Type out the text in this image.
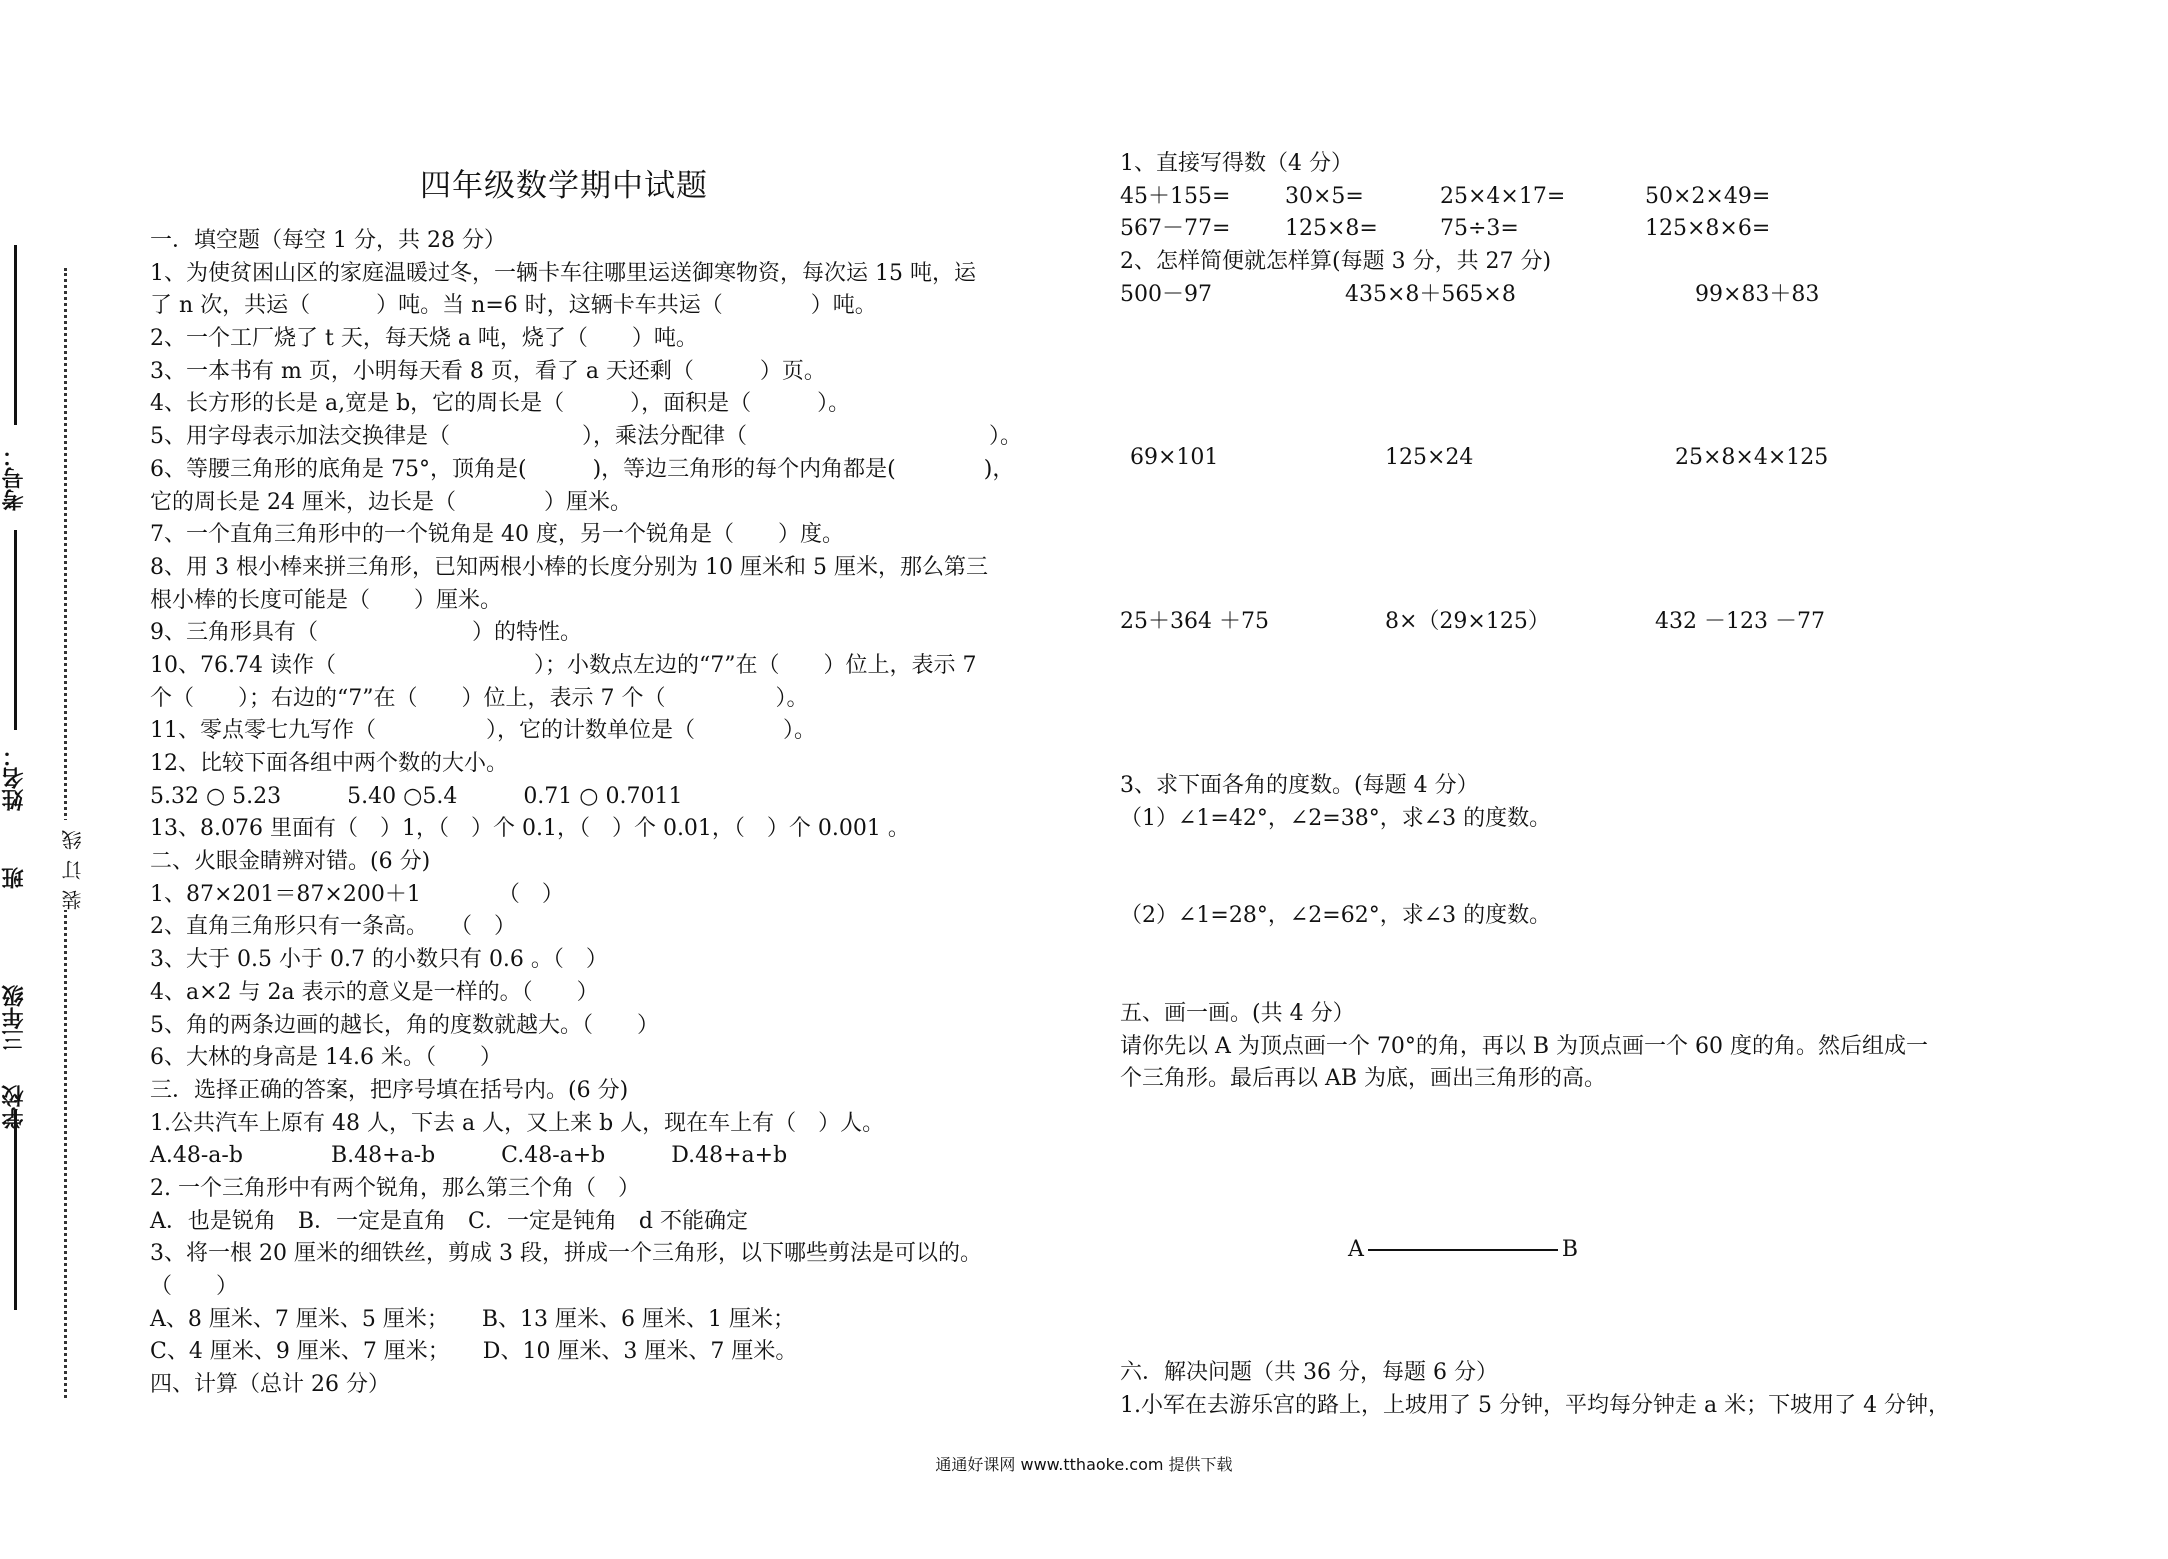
考号：
姓名：
班
三年级
学校
装订线
四年级数学期中试题
一．填空题（每空 1 分，共 28 分）
1、为使贫困山区的家庭温暖过冬，一辆卡车往哪里运送御寒物资，每次运 15 吨，运
了 n 次，共运（　　　）吨。当 n=6 时，这辆卡车共运（　　　　）吨。
2、一个工厂烧了 t 天，每天烧 a 吨，烧了（　　）吨。
3、一本书有 m 页，小明每天看 8 页，看了 a 天还剩（　　　）页。
4、长方形的长是 a,宽是 b，它的周长是（　　　），面积是（　　　）。
5、用字母表示加法交换律是（　　　　　　），乘法分配律（　　　　　　　　　　　）。
6、等腰三角形的底角是 75°，顶角是(　　　)，等边三角形的每个内角都是(　　　　)，
它的周长是 24 厘米，边长是（　　　　）厘米。
7、一个直角三角形中的一个锐角是 40 度，另一个锐角是（　　）度。
8、用 3 根小棒来拼三角形，已知两根小棒的长度分别为 10 厘米和 5 厘米，那么第三
根小棒的长度可能是（　　）厘米。
9、三角形具有（　　　　　　　）的特性。
10、76.74 读作（　　　　　　　　　）；小数点左边的“7”在（　　）位上，表示 7
个（　　）；右边的“7”在（　　）位上，表示 7 个（　　　　　）。
11、零点零七九写作（　　　　　），它的计数单位是（　　　　）。
12、比较下面各组中两个数的大小。
5.32 ○ 5.23　　　5.40 ○5.4　　　0.71 ○ 0.7011
13、8.076 里面有（　）1，（　）个 0.1，（　）个 0.01，（　）个 0.001 。
二、火眼金睛辨对错。(6 分)
1、87×201＝87×200＋1　　　　（　）
2、直角三角形只有一条高。　　（　）
3、大于 0.5 小于 0.7 的小数只有 0.6 。（　）
4、a×2 与 2a 表示的意义是一样的。（　　）
5、角的两条边画的越长，角的度数就越大。（　　）
6、大林的身高是 14.6 米。（　　）
三．选择正确的答案，把序号填在括号内。(6 分)
1.公共汽车上原有 48 人，下去 a 人，又上来 b 人，现在车上有（　）人。
A.48-a-b　　　　B.48+a-b　　　C.48-a+b　　　D.48+a+b
2. 一个三角形中有两个锐角，那么第三个角（　）
A．也是锐角　B．一定是直角　C．一定是钝角　d 不能确定
3、将一根 20 厘米的细铁丝，剪成 3 段，拼成一个三角形，以下哪些剪法是可以的。
（　　）
A、8 厘米、7 厘米、5 厘米；　　B、13 厘米、6 厘米、1 厘米；
C、4 厘米、9 厘米、7 厘米；　　D、10 厘米、3 厘米、7 厘米。
四、计算（总计 26 分）
1、直接写得数（4 分）
45＋155=	30×5=	25×4×17=	50×2×49=
567－77=	125×8=	75÷3=	125×8×6=
2、怎样简便就怎样算(每题 3 分，共 27 分)
500－97	435×8＋565×8	99×83＋83
69×101	125×24	25×8×4×125
25＋364 ＋75	8×（29×125）	432 －123 －77
3、求下面各角的度数。(每题 4 分）
（1）∠1=42°，∠2=38°，求∠3 的度数。
（2）∠1=28°，∠2=62°，求∠3 的度数。
五、画一画。(共 4 分）
请你先以 A 为顶点画一个 70°的角，再以 B 为顶点画一个 60 度的角。然后组成一
个三角形。最后再以 AB 为底，画出三角形的高。
六．解决问题（共 36 分，每题 6 分）
1.小军在去游乐宫的路上，上坡用了 5 分钟，平均每分钟走 a 米；下坡用了 4 分钟，
A	B
通通好课网 www.tthaoke.com 提供下载
